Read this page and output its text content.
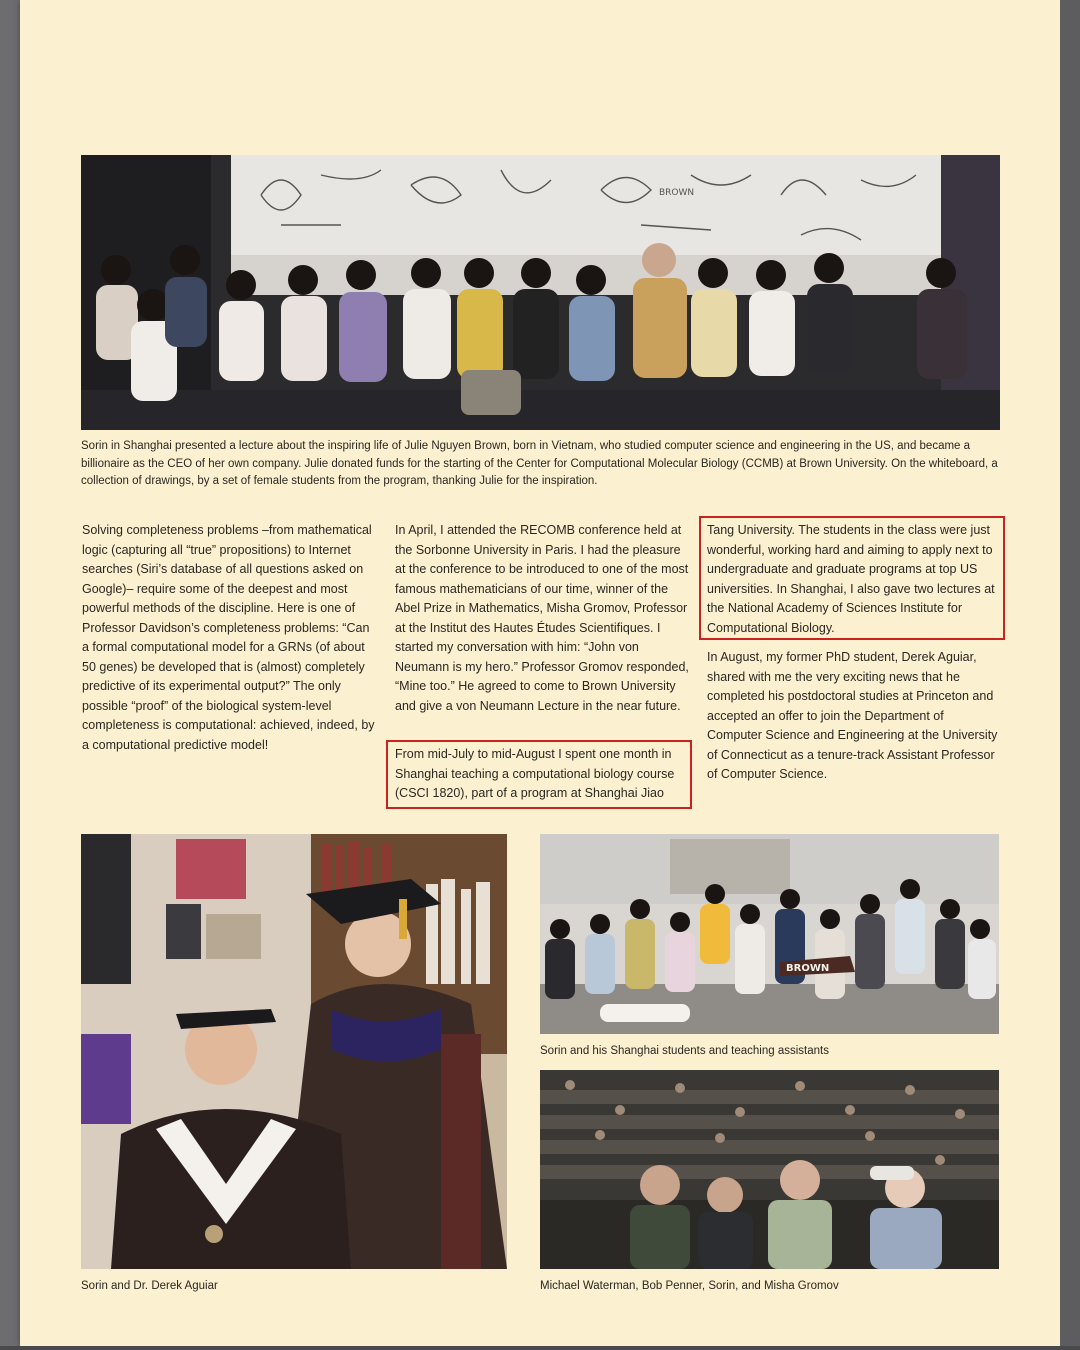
BROWN

Sorin in Shanghai presented a lecture about the inspiring life of Julie Nguyen Brown, born in Vietnam, who studied computer science and engineering in the US, and became a billionaire as the CEO of her own company. Julie donated funds for the starting of the Center for Computational Molecular Biology (CCMB) at Brown University. On the whiteboard, a collection of drawings, by a set of female students from the program, thanking Julie for the inspiration.

Solving completeness problems –from mathematical logic (capturing all “true” propositions) to Internet searches (Siri’s database of all questions asked on Google)– require some of the deepest and most powerful methods of the discipline. Here is one of Professor Davidson’s completeness problems: “Can a formal computational model for a GRNs (of about 50 genes) be developed that is (almost) completely predictive of its experimental output?” The only possible “proof” of the biological system-level completeness is computational: achieved, indeed, by a computational predictive model!

In April, I attended the RECOMB conference held at the Sorbonne University in Paris. I had the pleasure at the conference to be introduced to one of the most famous mathematicians of our time, winner of the Abel Prize in Mathematics, Misha Gromov, Professor at the Institut des Hautes Études Scientifiques. I started my conversation with him: “John von Neumann is my hero.” Professor Gromov responded, “Mine too.” He agreed to come to Brown University and give a von Neumann Lecture in the near future.

From mid-July to mid-August I spent one month in Shanghai teaching a computational biology course (CSCI 1820), part of a program at Shanghai Jiao

Tang University. The students in the class were just wonderful, working hard and aiming to apply next to undergraduate and graduate programs at top US universities. In Shanghai, I also gave two lectures at the National Academy of Sciences Institute for Computational Biology.

In August, my former PhD student, Derek Aguiar, shared with me the very exciting news that he completed his postdoctoral studies at Princeton and accepted an offer to join the Department of Computer Science and Engineering at the University of Connecticut as a tenure-track Assistant Professor of Computer Science.

Sorin and Dr. Derek Aguiar

BROWN

Sorin and his Shanghai students and teaching assistants

Michael Waterman, Bob Penner, Sorin, and Misha Gromov
